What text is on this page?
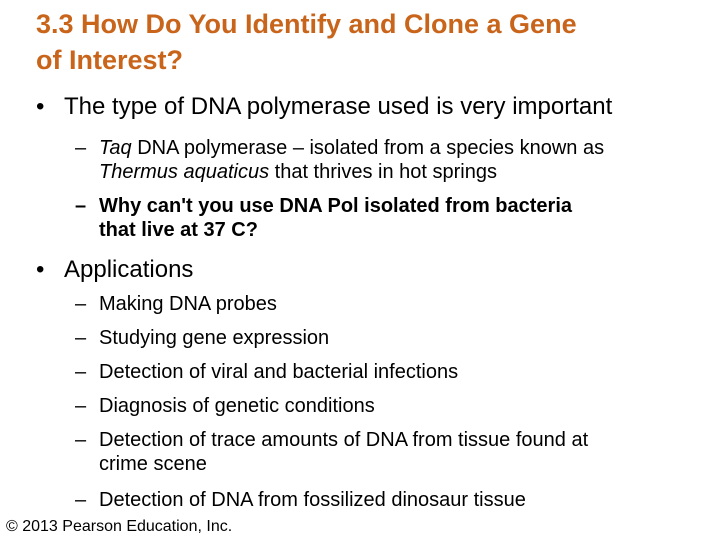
3.3 How Do You Identify and Clone a Gene
of Interest?
• The type of DNA polymerase used is very important
– Taq DNA polymerase – isolated from a species known as
Thermus aquaticus that thrives in hot springs
– Why can't you use DNA Pol isolated from bacteria
that live at 37 C?
• Applications
– Making DNA probes
– Studying gene expression
– Detection of viral and bacterial infections
– Diagnosis of genetic conditions
– Detection of trace amounts of DNA from tissue found at
crime scene
– Detection of DNA from fossilized dinosaur tissue
© 2013 Pearson Education, Inc.
